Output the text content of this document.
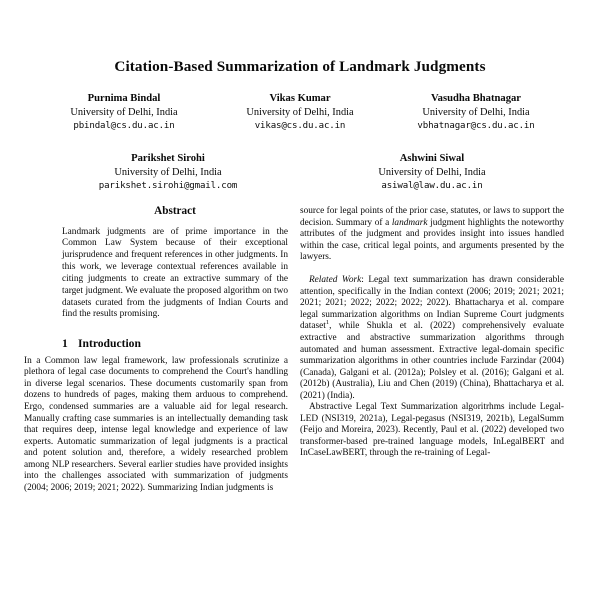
Citation-Based Summarization of Landmark Judgments
Purnima Bindal
University of Delhi, India
pbindal@cs.du.ac.in
Vikas Kumar
University of Delhi, India
vikas@cs.du.ac.in
Vasudha Bhatnagar
University of Delhi, India
vbhatnagar@cs.du.ac.in
Parikshet Sirohi
University of Delhi, India
parikshet.sirohi@gmail.com
Ashwini Siwal
University of Delhi, India
asiwal@law.du.ac.in
Abstract

Landmark judgments are of prime importance in the Common Law System because of their exceptional jurisprudence and frequent references in other judgments. In this work, we leverage contextual references available in citing judgments to create an extractive summary of the target judgment. We evaluate the proposed algorithm on two datasets curated from the judgments of Indian Courts and find the results promising.

1 Introduction

In a Common law legal framework, law professionals scrutinize a plethora of legal case documents to comprehend the Court's handling in diverse legal scenarios. These documents customarily span from dozens to hundreds of pages, making them arduous to comprehend. Ergo, condensed summaries are a valuable aid for legal research. Manually crafting case summaries is an intellectually demanding task that requires deep, intense legal knowledge and experience of law experts. Automatic summarization of legal judgments is a practical and potent solution and, therefore, a widely researched problem among NLP researchers. Several earlier studies have provided insights into the challenges associated with summarization of judgments (2004; 2006; 2019; 2021; 2022). Summarizing Indian judgments is

source for legal points of the prior case, statutes, or laws to support the decision. Summary of a landmark judgment highlights the noteworthy attributes of the judgment and provides insight into issues handled within the case, critical legal points, and arguments presented by the lawyers.

Related Work: Legal text summarization has drawn considerable attention, specifically in the Indian context (2006; 2019; 2021; 2021; 2021; 2021; 2022; 2022; 2022; 2022). Bhattacharya et al. compare legal summarization algorithms on Indian Supreme Court judgments dataset$^1$, while Shukla et al. (2022) comprehensively evaluate extractive and abstractive summarization algorithms through automated and human assessment. Extractive legal-domain specific summarization algorithms in other countries include Farzindar (2004) (Canada), Galgani et al. (2012a); Polsley et al. (2016); Galgani et al. (2012b) (Australia), Liu and Chen (2019) (China), Bhattacharya et al. (2021) (India).

Abstractive Legal Text Summarization algoritrhms include Legal-LED (NSI319, 2021a), Legal-pegasus (NSI319, 2021b), LegalSumm (Feijo and Moreira, 2023). Recently, Paul et al. (2022) developed two transformer-based pre-trained language models, InLegalBERT and InCaseLawBERT, through the re-training of Legal-
